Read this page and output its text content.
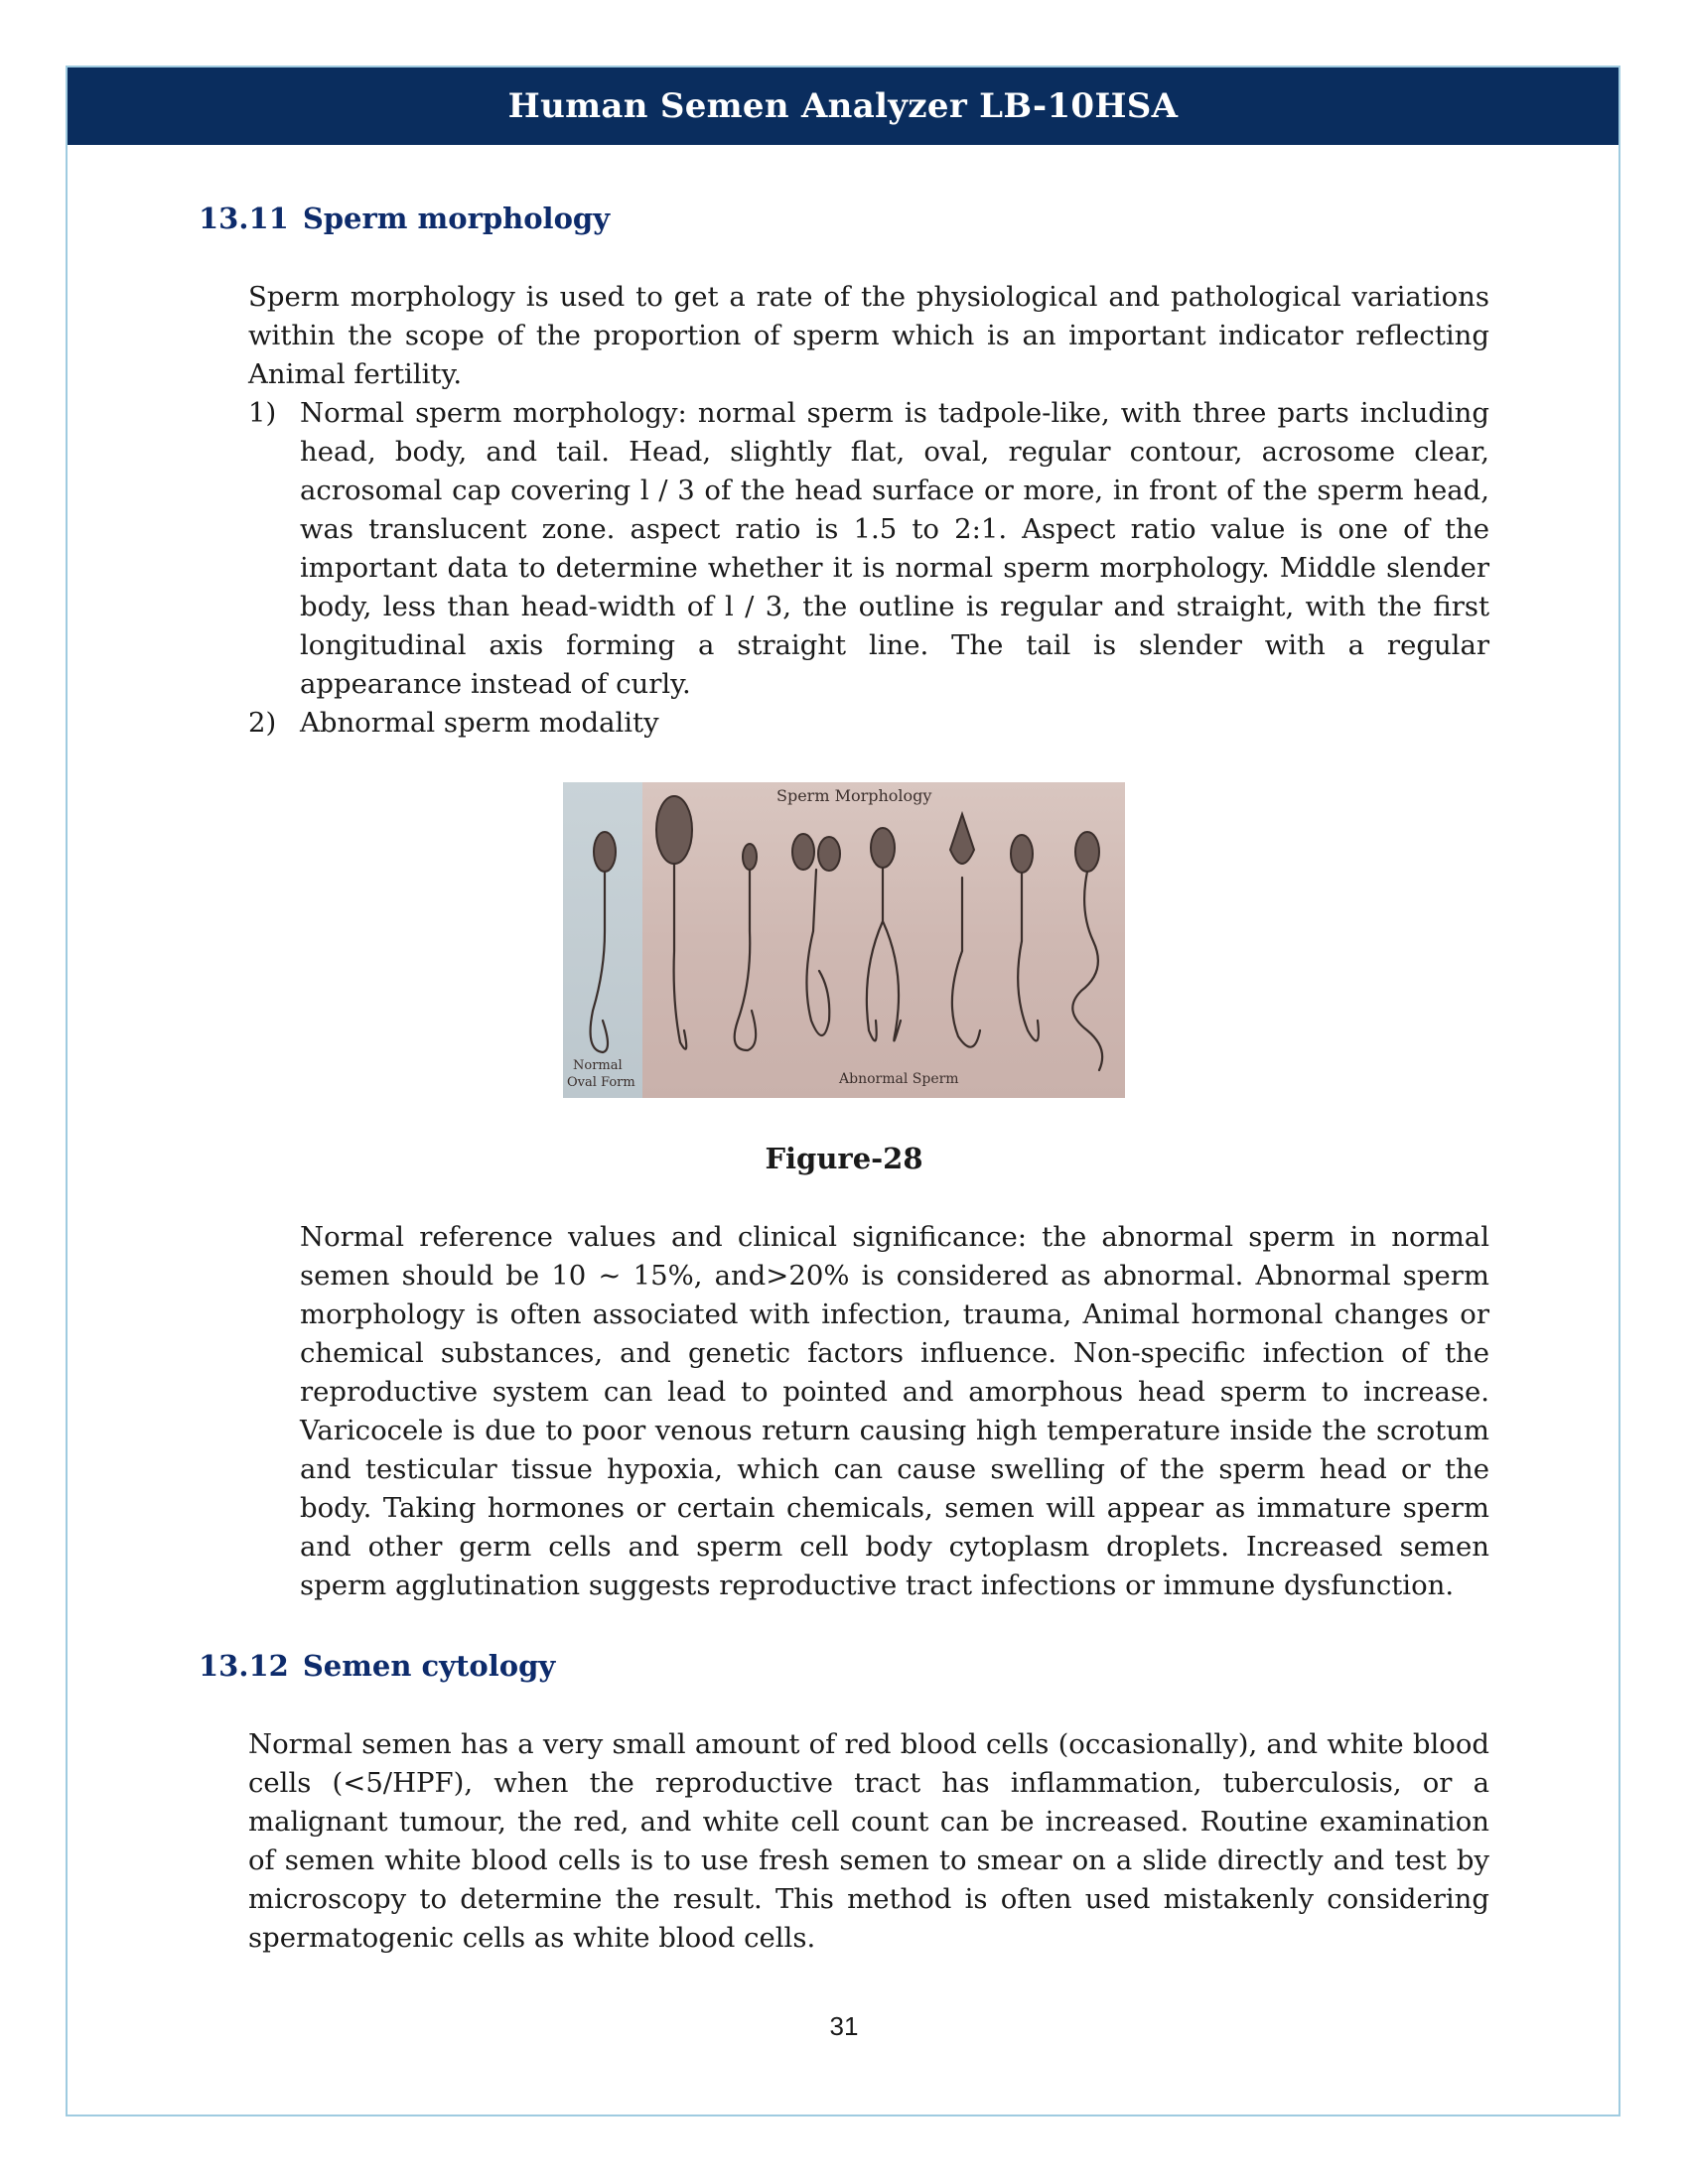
Human Semen Analyzer LB-10HSA
13.11 Sperm morphology

Sperm morphology is used to get a rate of the physiological and pathological variations within the scope of the proportion of sperm which is an important indicator reflecting Animal fertility.

1) Normal sperm morphology: normal sperm is tadpole-like, with three parts including head, body, and tail. Head, slightly flat, oval, regular contour, acrosome clear, acrosomal cap covering l / 3 of the head surface or more, in front of the sperm head, was translucent zone. aspect ratio is 1.5 to 2:1. Aspect ratio value is one of the important data to determine whether it is normal sperm morphology. Middle slender body, less than head-width of l / 3, the outline is regular and straight, with the first longitudinal axis forming a straight line. The tail is slender with a regular appearance instead of curly.
2) Abnormal sperm modality
Sperm Morphology
Normal
Oval Form	Abnormal Sperm
Figure-28

Normal reference values and clinical significance: the abnormal sperm in normal semen should be 10 ~ 15%, and>20% is considered as abnormal. Abnormal sperm morphology is often associated with infection, trauma, Animal hormonal changes or chemical substances, and genetic factors influence. Non-specific infection of the reproductive system can lead to pointed and amorphous head sperm to increase. Varicocele is due to poor venous return causing high temperature inside the scrotum and testicular tissue hypoxia, which can cause swelling of the sperm head or the body. Taking hormones or certain chemicals, semen will appear as immature sperm and other germ cells and sperm cell body cytoplasm droplets. Increased semen sperm agglutination suggests reproductive tract infections or immune dysfunction.

13.12 Semen cytology

Normal semen has a very small amount of red blood cells (occasionally), and white blood cells (<5/HPF), when the reproductive tract has inflammation, tuberculosis, or a malignant tumour, the red, and white cell count can be increased. Routine examination of semen white blood cells is to use fresh semen to smear on a slide directly and test by microscopy to determine the result. This method is often used mistakenly considering spermatogenic cells as white blood cells.

31
